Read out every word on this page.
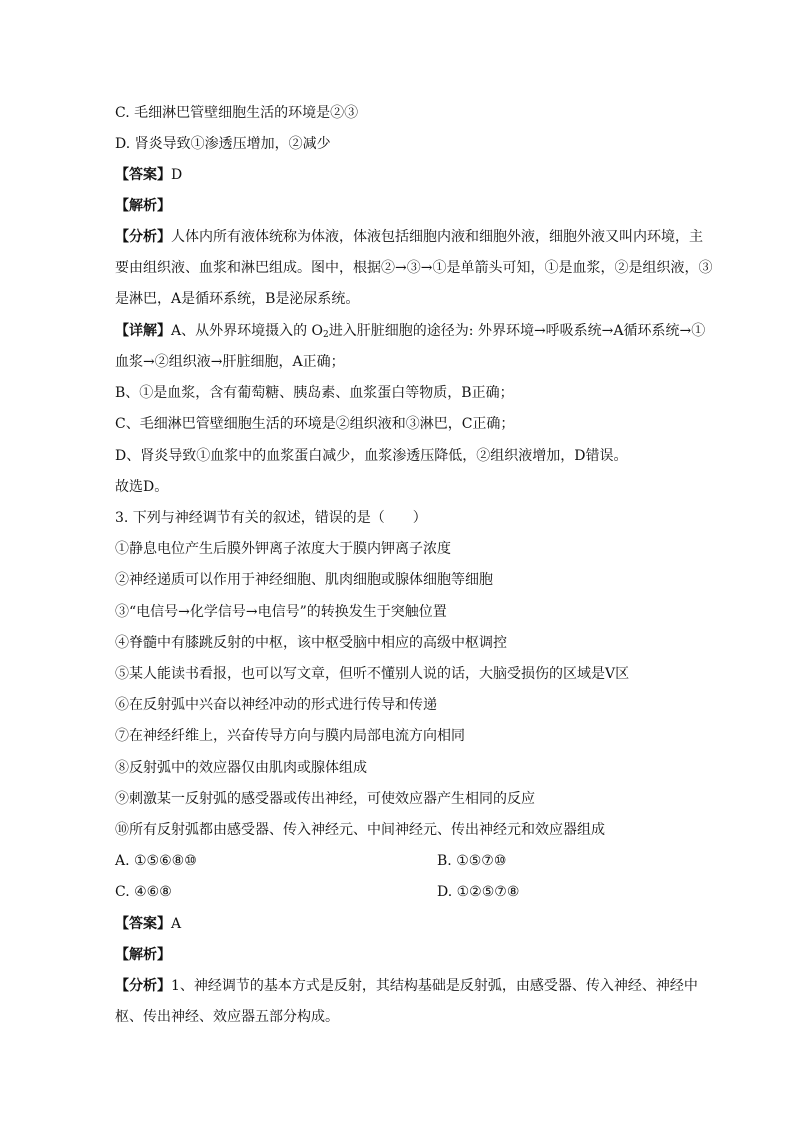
C. 毛细淋巴管壁细胞生活的环境是②③
D. 肾炎导致①渗透压增加，②减少
【答案】D
【解析】
【分析】人体内所有液体统称为体液，体液包括细胞内液和细胞外液，细胞外液又叫内环境，主
要由组织液、血浆和淋巴组成。图中，根据②→③→①是单箭头可知，①是血浆，②是组织液，③
是淋巴，A是循环系统，B是泌尿系统。
【详解】A、从外界环境摄入的 $O_2$进入肝脏细胞的途径为: 外界环境→呼吸系统→A循环系统→①
血浆→②组织液→肝脏细胞，A正确；
B、①是血浆，含有葡萄糖、胰岛素、血浆蛋白等物质，B正确；
C、毛细淋巴管壁细胞生活的环境是②组织液和③淋巴，C正确；
D、肾炎导致①血浆中的血浆蛋白减少，血浆渗透压降低，②组织液增加，D错误。
故选D。
3. 下列与神经调节有关的叙述，错误的是（　　）
①静息电位产生后膜外钾离子浓度大于膜内钾离子浓度
②神经递质可以作用于神经细胞、肌肉细胞或腺体细胞等细胞
③“电信号→化学信号→电信号”的转换发生于突触位置
④脊髓中有膝跳反射的中枢，该中枢受脑中相应的高级中枢调控
⑤某人能读书看报，也可以写文章，但听不懂别人说的话，大脑受损伤的区域是V区
⑥在反射弧中兴奋以神经冲动的形式进行传导和传递
⑦在神经纤维上，兴奋传导方向与膜内局部电流方向相同
⑧反射弧中的效应器仅由肌肉或腺体组成
⑨刺激某一反射弧的感受器或传出神经，可使效应器产生相同的反应
⑩所有反射弧都由感受器、传入神经元、中间神经元、传出神经元和效应器组成
A. ①⑤⑥⑧⑩	B. ①⑤⑦⑩
C. ④⑥⑧	D. ①②⑤⑦⑧
【答案】A
【解析】
【分析】1、神经调节的基本方式是反射，其结构基础是反射弧，由感受器、传入神经、神经中
枢、传出神经、效应器五部分构成。
